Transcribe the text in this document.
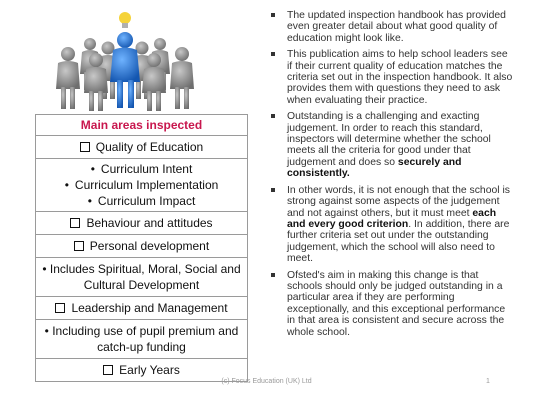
Main areas inspected
Quality of Education

• Curriculum Intent
• Curriculum Implementation
• Curriculum Impact

Behaviour and attitudes
Personal development
• Includes Spiritual, Moral, Social and Cultural Development
Leadership and Management
• Including use of pupil premium and catch-up funding
Early Years
The updated inspection handbook has provided even greater detail about what good quality of education might look like.
This publication aims to help school leaders see if their current quality of education matches the criteria set out in the inspection handbook. It also provides them with questions they need to ask when evaluating their practice.
Outstanding is a challenging and exacting judgement. In order to reach this standard, inspectors will determine whether the school meets all the criteria for good under that judgement and does so securely and consistently.
In other words, it is not enough that the school is strong against some aspects of the judgement and not against others, but it must meet each and every good criterion. In addition, there are further criteria set out under the outstanding judgement, which the school will also need to meet.
Ofsted's aim in making this change is that schools should only be judged outstanding in a particular area if they are performing exceptionally, and this exceptional performance in that area is consistent and secure across the whole school.
(c) Focus Education (UK) Ltd	1
